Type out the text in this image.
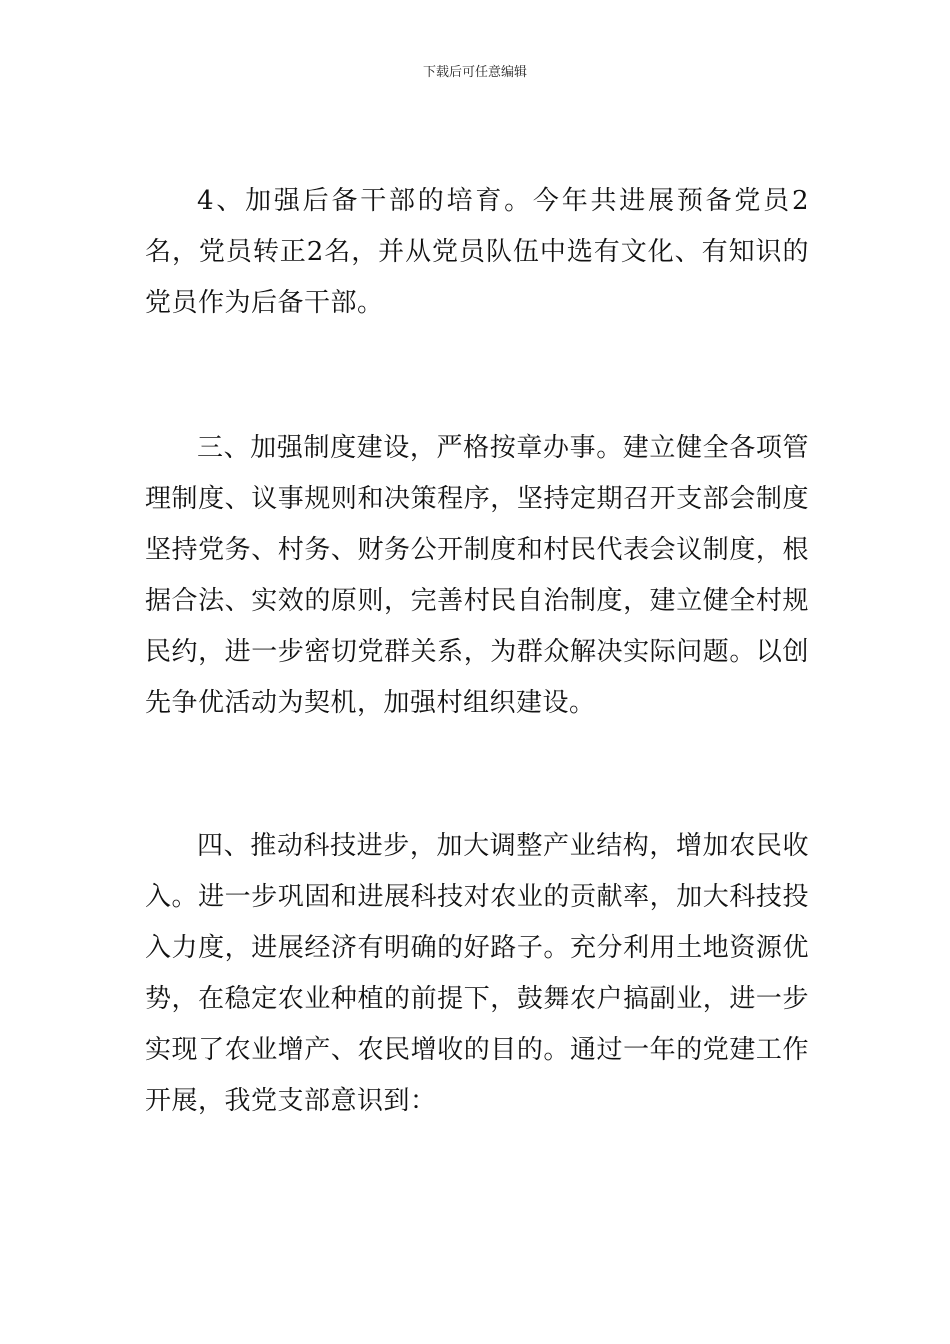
下载后可任意编辑

4、加强后备干部的培育。今年共进展预备党员2名，党员转正2名，并从党员队伍中选有文化、有知识的党员作为后备干部。

三、加强制度建设，严格按章办事。建立健全各项管理制度、议事规则和决策程序，坚持定期召开支部会制度坚持党务、村务、财务公开制度和村民代表会议制度，根据合法、实效的原则，完善村民自治制度，建立健全村规民约，进一步密切党群关系，为群众解决实际问题。以创先争优活动为契机，加强村组织建设。

四、推动科技进步，加大调整产业结构，增加农民收入。进一步巩固和进展科技对农业的贡献率，加大科技投入力度，进展经济有明确的好路子。充分利用土地资源优势，在稳定农业种植的前提下，鼓舞农户搞副业，进一步实现了农业增产、农民增收的目的。通过一年的党建工作开展，我党支部意识到：
